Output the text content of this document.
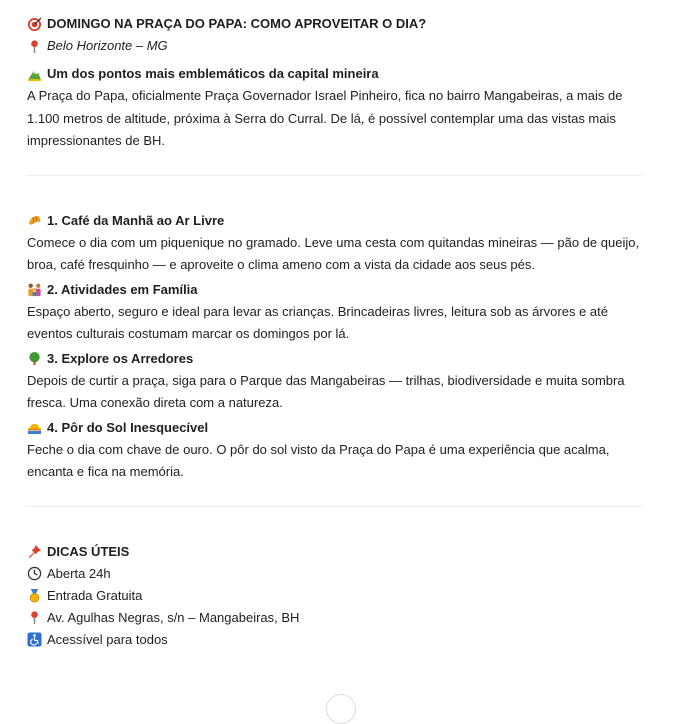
DOMINGO NA PRAÇA DO PAPA: COMO APROVEITAR O DIA?
Belo Horizonte – MG
Um dos pontos mais emblemáticos da capital mineira
A Praça do Papa, oficialmente Praça Governador Israel Pinheiro, fica no bairro Mangabeiras, a mais de 1.100 metros de altitude, próxima à Serra do Curral. De lá, é possível contemplar uma das vistas mais impressionantes de BH.
1. Café da Manhã ao Ar Livre
Comece o dia com um piquenique no gramado. Leve uma cesta com quitandas mineiras — pão de queijo, broa, café fresquinho — e aproveite o clima ameno com a vista da cidade aos seus pés.
2. Atividades em Família
Espaço aberto, seguro e ideal para levar as crianças. Brincadeiras livres, leitura sob as árvores e até eventos culturais costumam marcar os domingos por lá.
3. Explore os Arredores
Depois de curtir a praça, siga para o Parque das Mangabeiras — trilhas, biodiversidade e muita sombra fresca. Uma conexão direta com a natureza.
4. Pôr do Sol Inesquecível
Feche o dia com chave de ouro. O pôr do sol visto da Praça do Papa é uma experiência que acalma, encanta e fica na memória.
DICAS ÚTEIS
Aberta 24h
Entrada Gratuita
Av. Agulhas Negras, s/n – Mangabeiras, BH
Acessível para todos
